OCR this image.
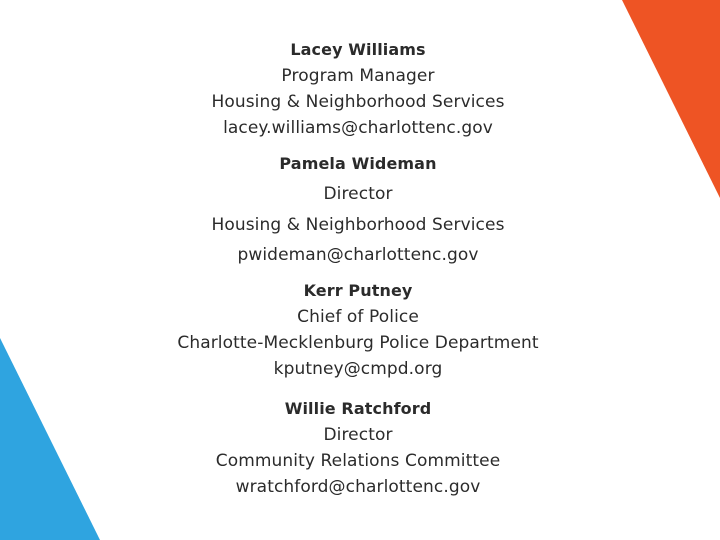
Lacey Williams
Program Manager
Housing & Neighborhood Services
lacey.williams@charlottenc.gov
Pamela Wideman
Director
Housing & Neighborhood Services
pwideman@charlottenc.gov
Kerr Putney
Chief of Police
Charlotte-Mecklenburg Police Department
kputney@cmpd.org
Willie Ratchford
Director
Community Relations Committee
wratchford@charlottenc.gov
